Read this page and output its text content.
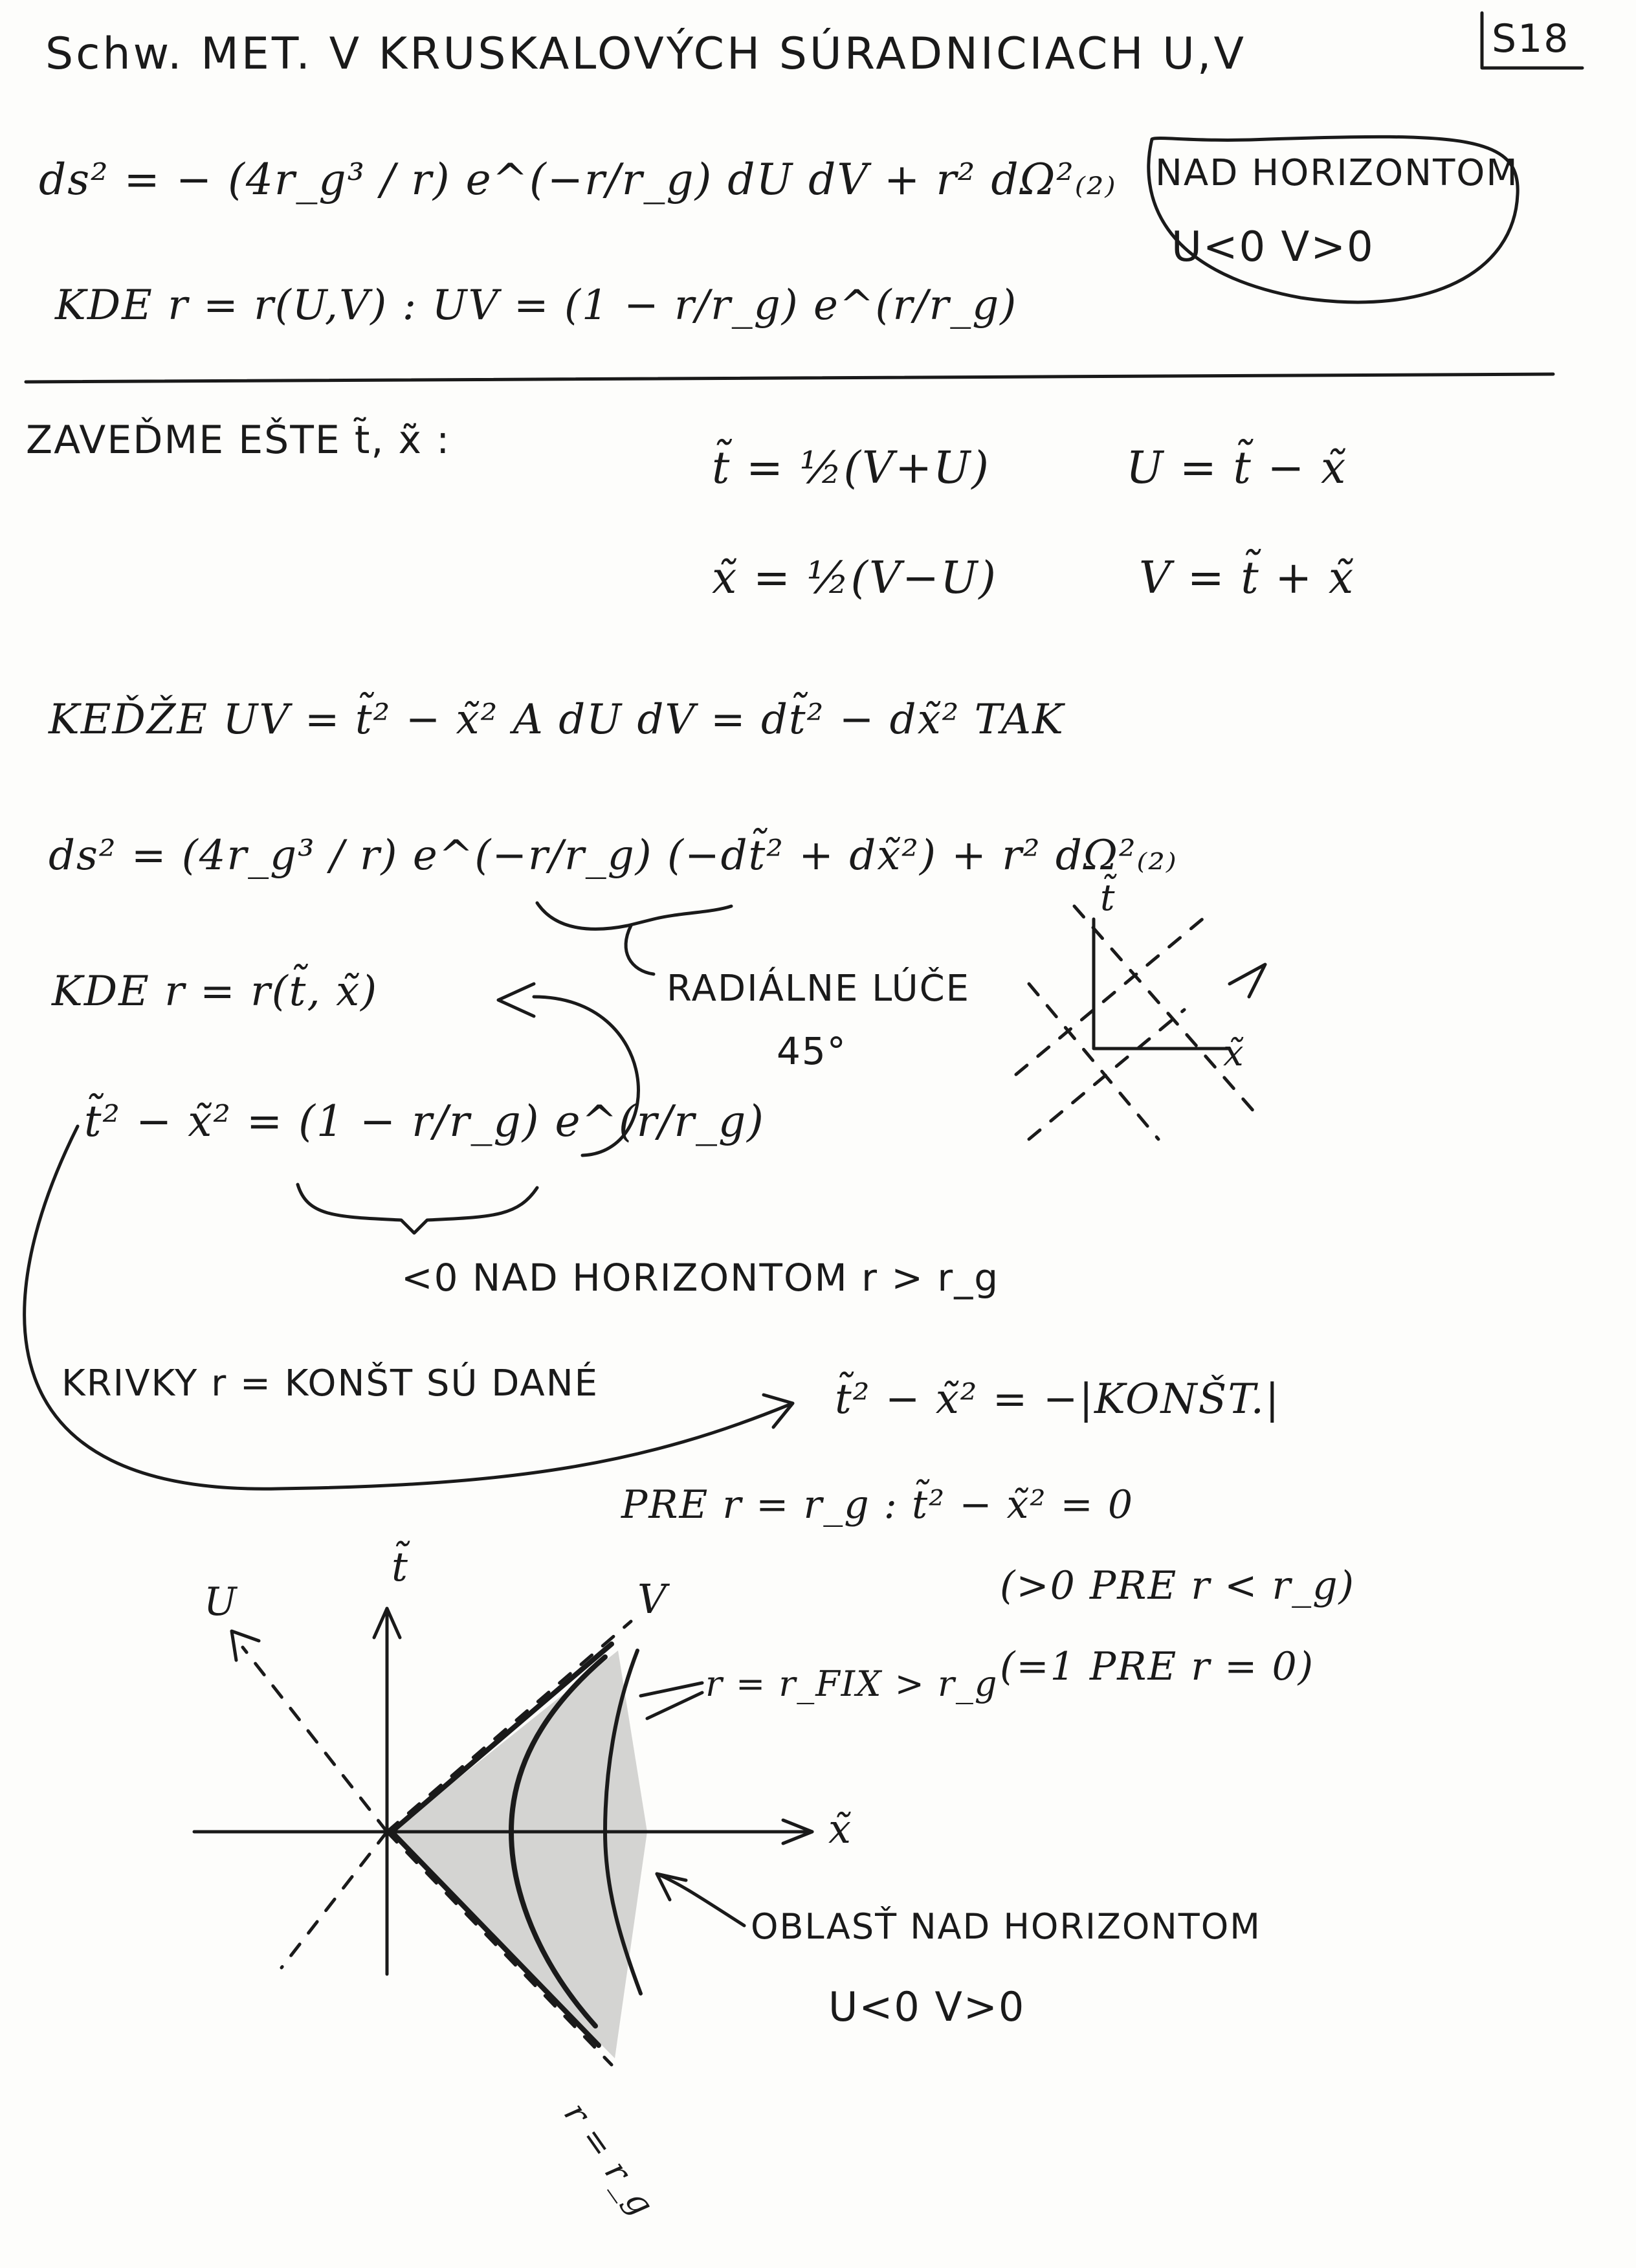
S18
Schw. MET. V KRUSKALOVÝCH SÚRADNICIACH U,V
ds² = − (4r_g³ / r) e^(−r/r_g) dU dV + r² dΩ²₍₂₎ NAD HORIZONTOM
U<0 V>0
KDE r = r(U,V) : UV = (1 − r/r_g) e^(r/r_g)
ZAVEĎME EŠTE t̃, x̃ :
t̃ = ½(V+U)	U = t̃ − x̃
x̃ = ½(V−U)	V = t̃ + x̃
KEĎŽE UV = t̃² − x̃² A dU dV = dt̃² − dx̃² TAK
ds² = (4r_g³ / r) e^(−r/r_g) (−dt̃² + dx̃²) + r² dΩ²₍₂₎
KDE r = r(t̃, x̃)	RADIÁLNE LÚČE
45°
t̃
x̃
t̃² − x̃² = (1 − r/r_g) e^(r/r_g)
<0 NAD HORIZONTOM r > r_g
KRIVKY r = KONŠT SÚ DANÉ	t̃² − x̃² = −|KONŠT.|
PRE r = r_g : t̃² − x̃² = 0
(>0 PRE r < r_g)
(=1 PRE r = 0)
t̃
U	V
x̃
r = r_FIX > r_g
OBLASŤ NAD HORIZONTOM
U<0 V>0
r = r_g
